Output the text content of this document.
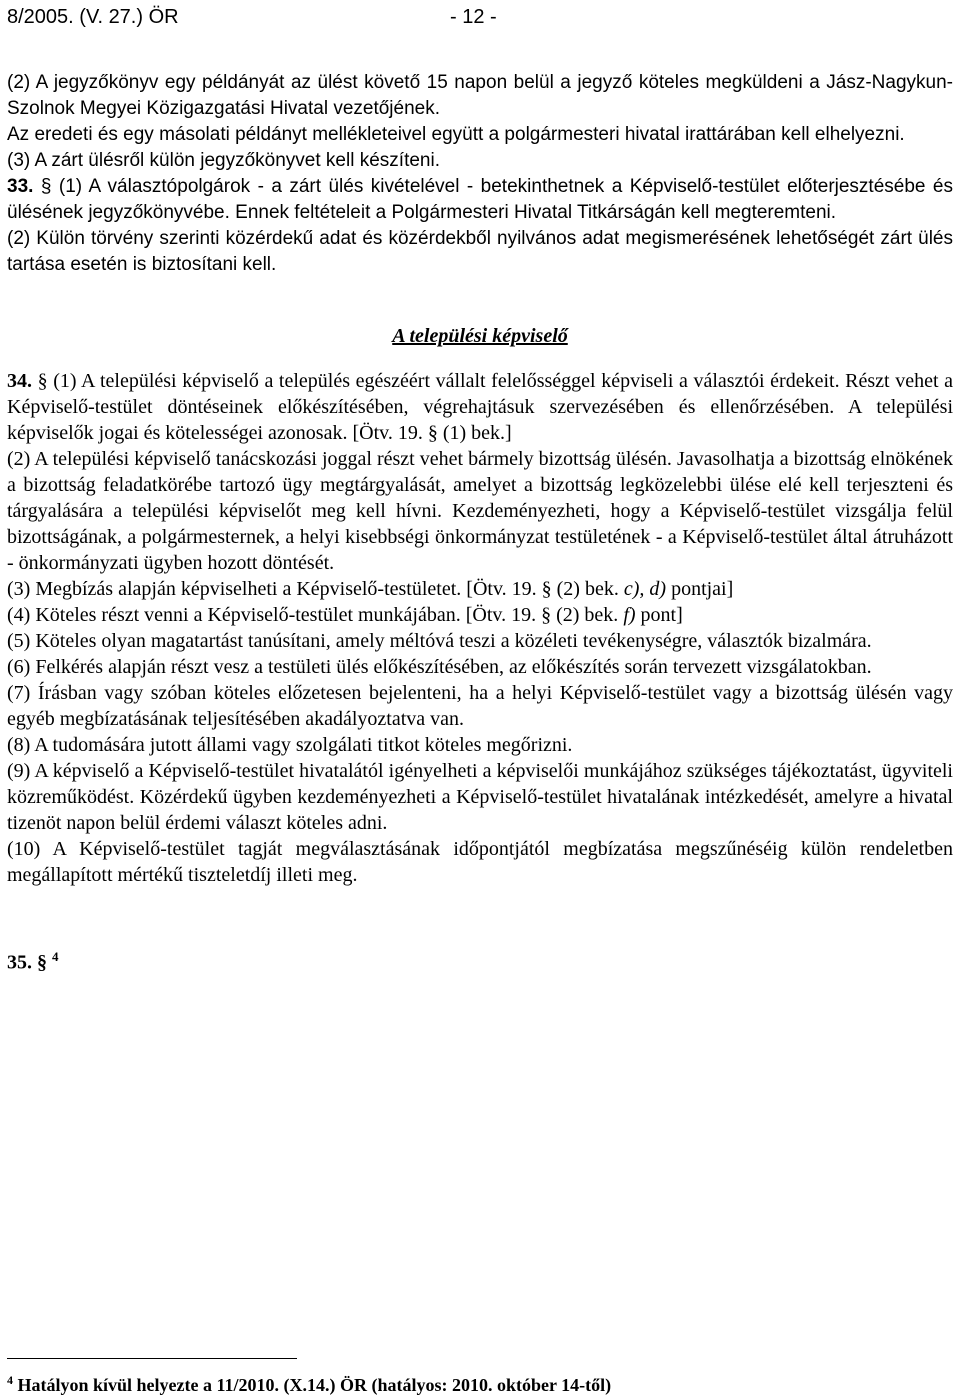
8/2005. (V. 27.) ÖR	- 12 -

(2) A jegyzőkönyv egy példányát az ülést követő 15 napon belül a jegyző köteles megküldeni a Jász-Nagykun-Szolnok Megyei Közigazgatási Hivatal vezetőjének.

Az eredeti és egy másolati példányt mellékleteivel együtt a polgármesteri hivatal irattárában kell elhelyezni.

(3) A zárt ülésről külön jegyzőkönyvet kell készíteni.

33. § (1) A választópolgárok - a zárt ülés kivételével - betekinthetnek a Képviselő-testület előterjesztésébe és ülésének jegyzőkönyvébe. Ennek feltételeit a Polgármesteri Hivatal Titkárságán kell megteremteni.

(2) Külön törvény szerinti közérdekű adat és közérdekből nyilvános adat megismerésének lehetőségét zárt ülés tartása esetén is biztosítani kell.

A települési képviselő

34. § (1) A települési képviselő a település egészéért vállalt felelősséggel képviseli a választói érdekeit. Részt vehet a Képviselő-testület döntéseinek előkészítésében, végrehajtásuk szervezésében és ellenőrzésében. A települési képviselők jogai és kötelességei azonosak. [Ötv. 19. § (1) bek.]

(2) A települési képviselő tanácskozási joggal részt vehet bármely bizottság ülésén. Javasolhatja a bizottság elnökének a bizottság feladatkörébe tartozó ügy megtárgyalását, amelyet a bizottság legközelebbi ülése elé kell terjeszteni és tárgyalására a települési képviselőt meg kell hívni. Kezdeményezheti, hogy a Képviselő-testület vizsgálja felül bizottságának, a polgármesternek, a helyi kisebbségi önkormányzat testületének - a Képviselő-testület által átruházott - önkormányzati ügyben hozott döntését.

(3) Megbízás alapján képviselheti a Képviselő-testületet. [Ötv. 19. § (2) bek. c), d) pontjai]

(4) Köteles részt venni a Képviselő-testület munkájában. [Ötv. 19. § (2) bek. f) pont]

(5) Köteles olyan magatartást tanúsítani, amely méltóvá teszi a közéleti tevékenységre, választók bizalmára.

(6) Felkérés alapján részt vesz a testületi ülés előkészítésében, az előkészítés során tervezett vizsgálatokban.

(7) Írásban vagy szóban köteles előzetesen bejelenteni, ha a helyi Képviselő-testület vagy a bizottság ülésén vagy egyéb megbízatásának teljesítésében akadályoztatva van.

(8) A tudomására jutott állami vagy szolgálati titkot köteles megőrizni.

(9) A képviselő a Képviselő-testület hivatalától igényelheti a képviselői munkájához szükséges tájékoztatást, ügyviteli közreműködést. Közérdekű ügyben kezdeményezheti a Képviselő-testület hivatalának intézkedését, amelyre a hivatal tizenöt napon belül érdemi választ köteles adni.

(10) A Képviselő-testület tagját megválasztásának időpontjától megbízatása megszűnéséig külön rendeletben megállapított mértékű tiszteletdíj illeti meg.

35. § $^4$
$^4$ Hatályon kívül helyezte a 11/2010. (X.14.) ÖR (hatályos: 2010. október 14-től)
